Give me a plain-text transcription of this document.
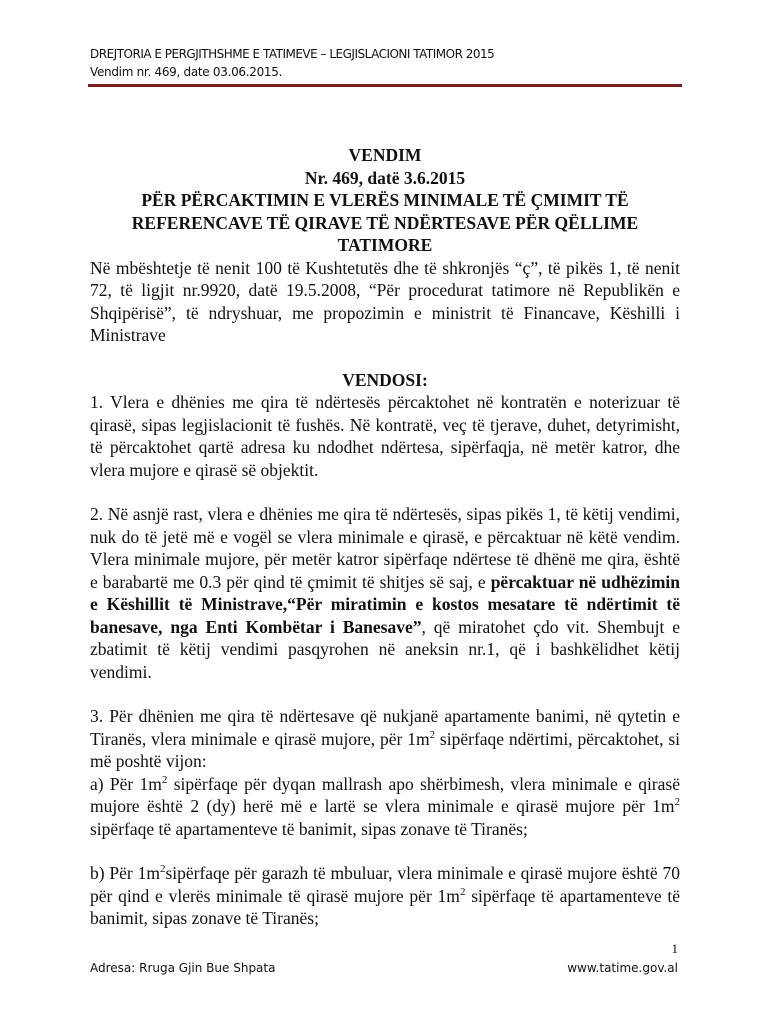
DREJTORIA E PERGJITHSHME E TATIMEVE – LEGJISLACIONI TATIMOR 2015
Vendim nr. 469, date 03.06.2015.

VENDIM

Nr. 469, datë 3.6.2015

PËR PËRCAKTIMIN E VLERËS MINIMALE TË ÇMIMIT TË

REFERENCAVE TË QIRAVE TË NDËRTESAVE PËR QËLLIME

TATIMORE

Në mbështetje të nenit 100 të Kushtetutës dhe të shkronjës “ç”, të pikës 1, të nenit 72, të ligjit nr.9920, datë 19.5.2008, “Për procedurat tatimore në Republikën e Shqipërisë”, të ndryshuar, me propozimin e ministrit të Financave, Këshilli i Ministrave

VENDOSI:

1. Vlera e dhënies me qira të ndërtesës përcaktohet në kontratën e noterizuar të qirasë, sipas legjislacionit të fushës. Në kontratë, veç të tjerave, duhet, detyrimisht, të përcaktohet qartë adresa ku ndodhet ndërtesa, sipërfaqja, në metër katror, dhe vlera mujore e qirasë së objektit.

2. Në asnjë rast, vlera e dhënies me qira të ndërtesës, sipas pikës 1, të këtij vendimi, nuk do të jetë më e vogël se vlera minimale e qirasë, e përcaktuar në këtë vendim. Vlera minimale mujore, për metër katror sipërfaqe ndërtese të dhënë me qira, është e barabartë me 0.3 për qind të çmimit të shitjes së saj, e përcaktuar në udhëzimin e Këshillit të Ministrave,“Për miratimin e kostos mesatare të ndërtimit të banesave, nga Enti Kombëtar i Banesave”, që miratohet çdo vit. Shembujt e zbatimit të këtij vendimi pasqyrohen në aneksin nr.1, që i bashkëlidhet këtij vendimi.

3. Për dhënien me qira të ndërtesave që nukjanë apartamente banimi, në qytetin e Tiranës, vlera minimale e qirasë mujore, për $1m^2$ sipërfaqe ndërtimi, përcaktohet, si më poshtë vijon:

a) Për $1m^2$ sipërfaqe për dyqan mallrash apo shërbimesh, vlera minimale e qirasë mujore është 2 (dy) herë më e lartë se vlera minimale e qirasë mujore për $1m^2$ sipërfaqe të apartamenteve të banimit, sipas zonave të Tiranës;

b) Për $1m^2sipërfaqe$ për garazh të mbuluar, vlera minimale e qirasë mujore është 70 për qind e vlerës minimale të qirasë mujore për $1m^2$ sipërfaqe të apartamenteve të banimit, sipas zonave të Tiranës;

1
Adresa: Rruga Gjin Bue Shpata	www.tatime.gov.al
